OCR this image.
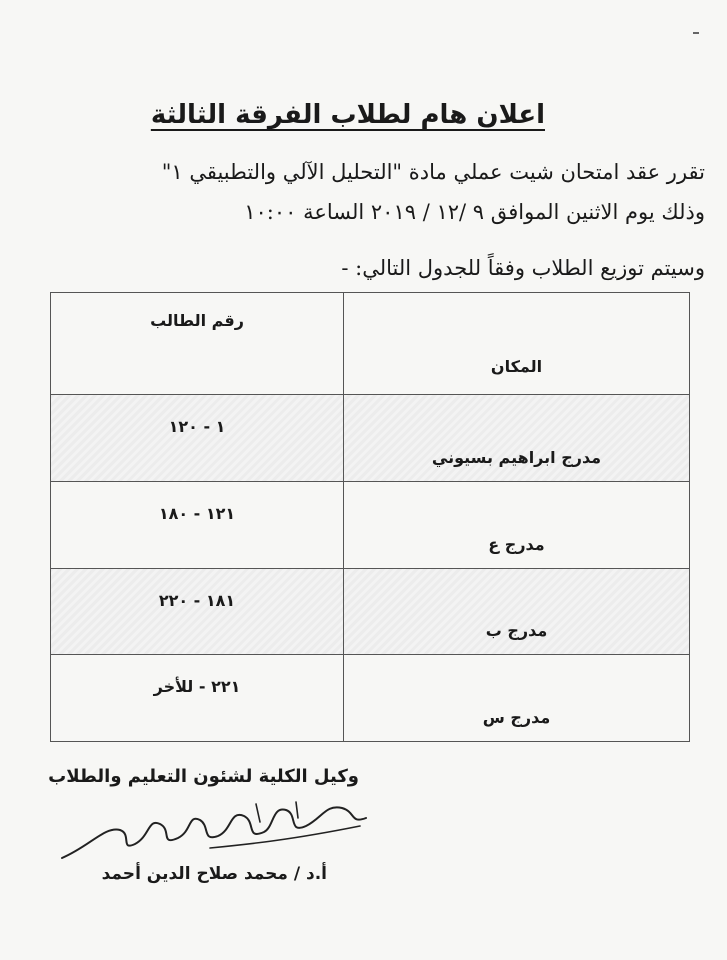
اعلان هام لطلاب الفرقة الثالثة
تقرر عقد امتحان شيت عملي مادة "التحليل الآلي والتطبيقي ١"
وذلك يوم الاثنين الموافق ٩ /١٢ / ٢٠١٩ الساعة ١٠:٠٠
وسيتم توزيع الطلاب وفقاً للجدول التالي: -
المكان	رقم الطالب
مدرج ابراهيم بسيوني	١ - ١٢٠
مدرج ع	١٢١ - ١٨٠
مدرج ب	١٨١ - ٢٢٠
مدرج س	٢٢١ - للأخر
وكيل الكلية لشئون التعليم والطلاب
أ.د / محمد صلاح الدين أحمد
